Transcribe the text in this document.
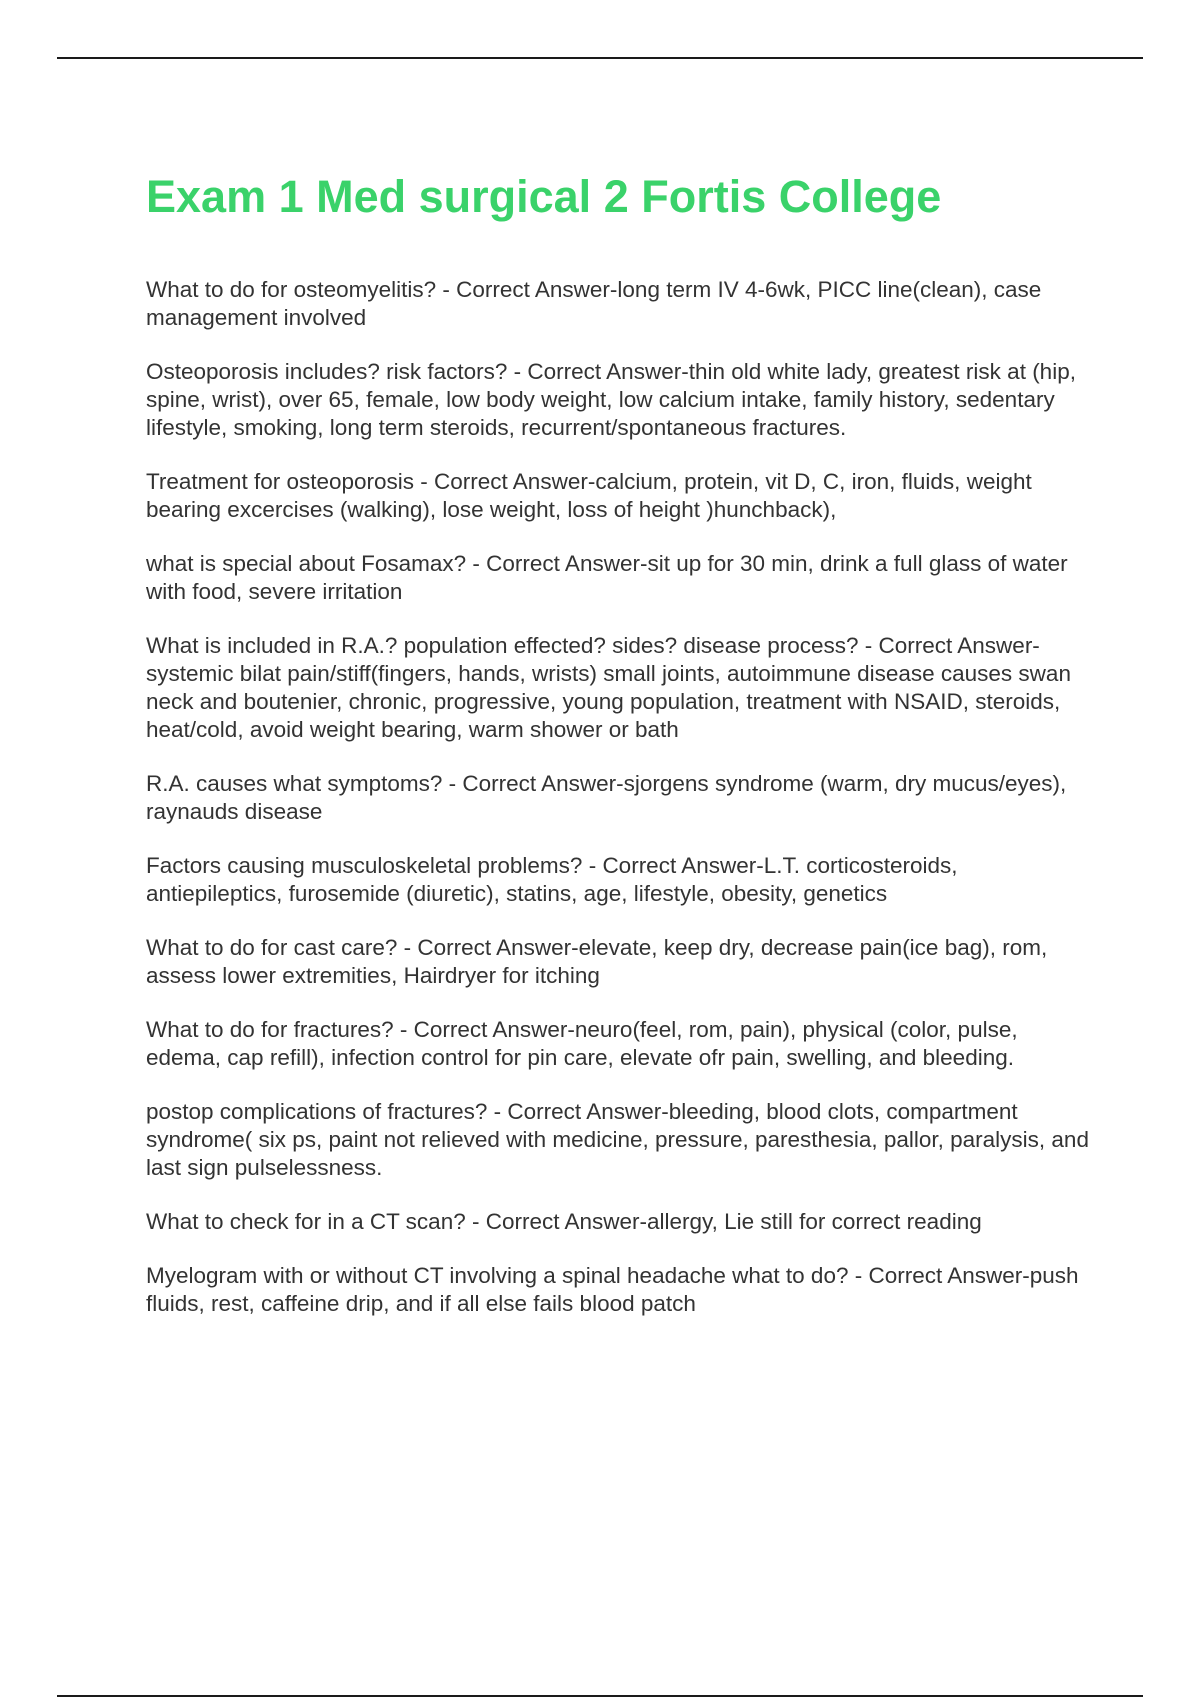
Exam 1 Med surgical 2 Fortis College
What to do for osteomyelitis? - Correct Answer-long term IV 4-6wk, PICC line(clean), case management involved
Osteoporosis includes? risk factors? - Correct Answer-thin old white lady, greatest risk at (hip, spine, wrist), over 65, female, low body weight, low calcium intake, family history, sedentary lifestyle, smoking, long term steroids, recurrent/spontaneous fractures.
Treatment for osteoporosis - Correct Answer-calcium, protein, vit D, C, iron, fluids, weight bearing excercises (walking), lose weight, loss of height )hunchback),
what is special about Fosamax? - Correct Answer-sit up for 30 min, drink a full glass of water with food, severe irritation
What is included in R.A.? population effected? sides? disease process? - Correct Answer-systemic bilat pain/stiff(fingers, hands, wrists) small joints, autoimmune disease causes swan neck and boutenier, chronic, progressive, young population, treatment with NSAID, steroids, heat/cold, avoid weight bearing, warm shower or bath
R.A. causes what symptoms? - Correct Answer-sjorgens syndrome (warm, dry mucus/eyes), raynauds disease
Factors causing musculoskeletal problems? - Correct Answer-L.T. corticosteroids, antiepileptics, furosemide (diuretic), statins, age, lifestyle, obesity, genetics
What to do for cast care? - Correct Answer-elevate, keep dry, decrease pain(ice bag), rom, assess lower extremities, Hairdryer for itching
What to do for fractures? - Correct Answer-neuro(feel, rom, pain), physical (color, pulse, edema, cap refill), infection control for pin care, elevate ofr pain, swelling, and bleeding.
postop complications of fractures? - Correct Answer-bleeding, blood clots, compartment syndrome( six ps, paint not relieved with medicine, pressure, paresthesia, pallor, paralysis, and last sign pulselessness.
What to check for in a CT scan? - Correct Answer-allergy, Lie still for correct reading
Myelogram with or without CT involving a spinal headache what to do? - Correct Answer-push fluids, rest, caffeine drip, and if all else fails blood patch
